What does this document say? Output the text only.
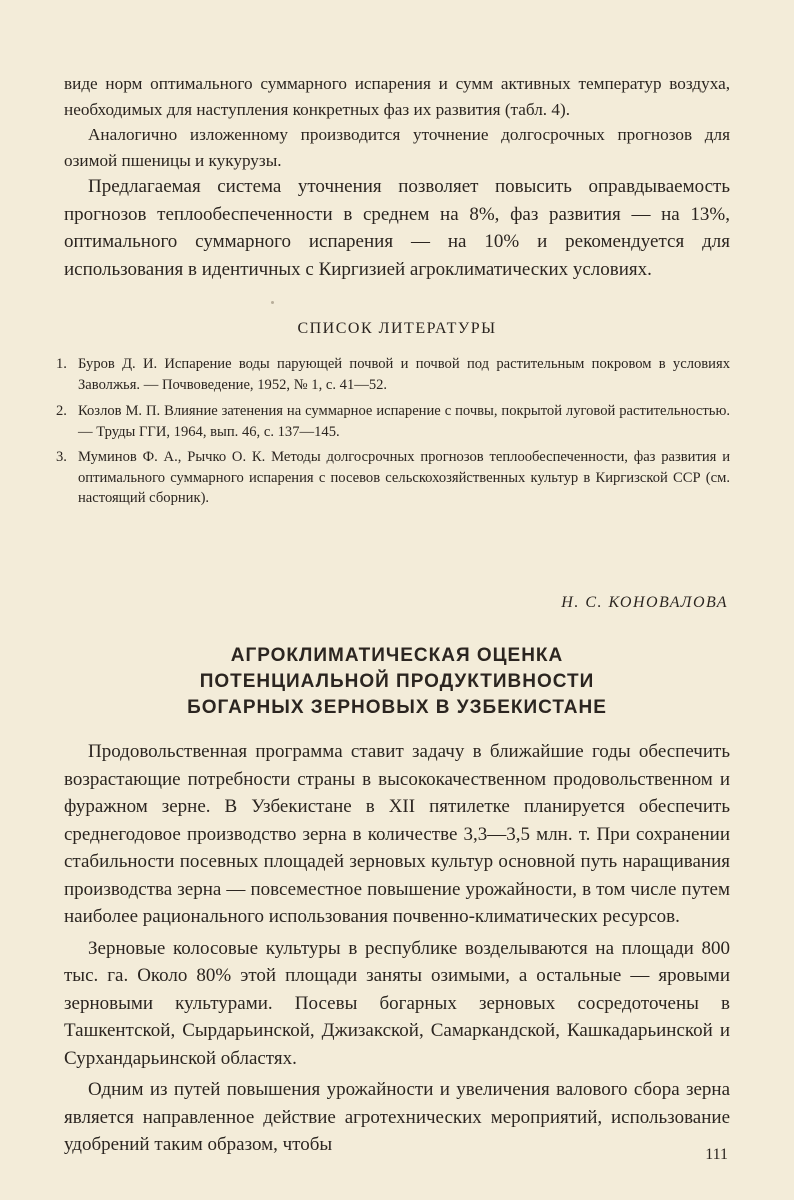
виде норм оптимального суммарного испарения и сумм активных температур воздуха, необходимых для наступления конкретных фаз их развития (табл. 4).

Аналогично изложенному производится уточнение долгосрочных прогнозов для озимой пшеницы и кукурузы.

Предлагаемая система уточнения позволяет повысить оправдываемость прогнозов теплообеспеченности в среднем на 8%, фаз развития — на 13%, оптимального суммарного испарения — на 10% и рекомендуется для использования в идентичных с Киргизией агроклиматических условиях.

СПИСОК ЛИТЕРАТУРЫ
1. Буров Д. И. Испарение воды парующей почвой и почвой под растительным покровом в условиях Заволжья. — Почвоведение, 1952, № 1, с. 41—52.
2. Козлов М. П. Влияние затенения на суммарное испарение с почвы, покрытой луговой растительностью. — Труды ГГИ, 1964, вып. 46, с. 137—145.
3. Муминов Ф. А., Рычко О. К. Методы долгосрочных прогнозов теплообеспеченности, фаз развития и оптимального суммарного испарения с посевов сельскохозяйственных культур в Киргизской ССР (см. настоящий сборник).
Н. С. КОНОВАЛОВА
АГРОКЛИМАТИЧЕСКАЯ ОЦЕНКА
ПОТЕНЦИАЛЬНОЙ ПРОДУКТИВНОСТИ
БОГАРНЫХ ЗЕРНОВЫХ В УЗБЕКИСТАНЕ

Продовольственная программа ставит задачу в ближайшие годы обеспечить возрастающие потребности страны в высококачественном продовольственном и фуражном зерне. В Узбекистане в XII пятилетке планируется обеспечить среднегодовое производство зерна в количестве 3,3—3,5 млн. т. При сохранении стабильности посевных площадей зерновых культур основной путь наращивания производства зерна — повсеместное повышение урожайности, в том числе путем наиболее рационального использования почвенно-климатических ресурсов.

Зерновые колосовые культуры в республике возделываются на площади 800 тыс. га. Около 80% этой площади заняты озимыми, а остальные — яровыми зерновыми культурами. Посевы богарных зерновых сосредоточены в Ташкентской, Сырдарьинской, Джизакской, Самаркандской, Кашкадарьинской и Сурхандарьинской областях.

Одним из путей повышения урожайности и увеличения валового сбора зерна является направленное действие агротехнических мероприятий, использование удобрений таким образом, чтобы	111
